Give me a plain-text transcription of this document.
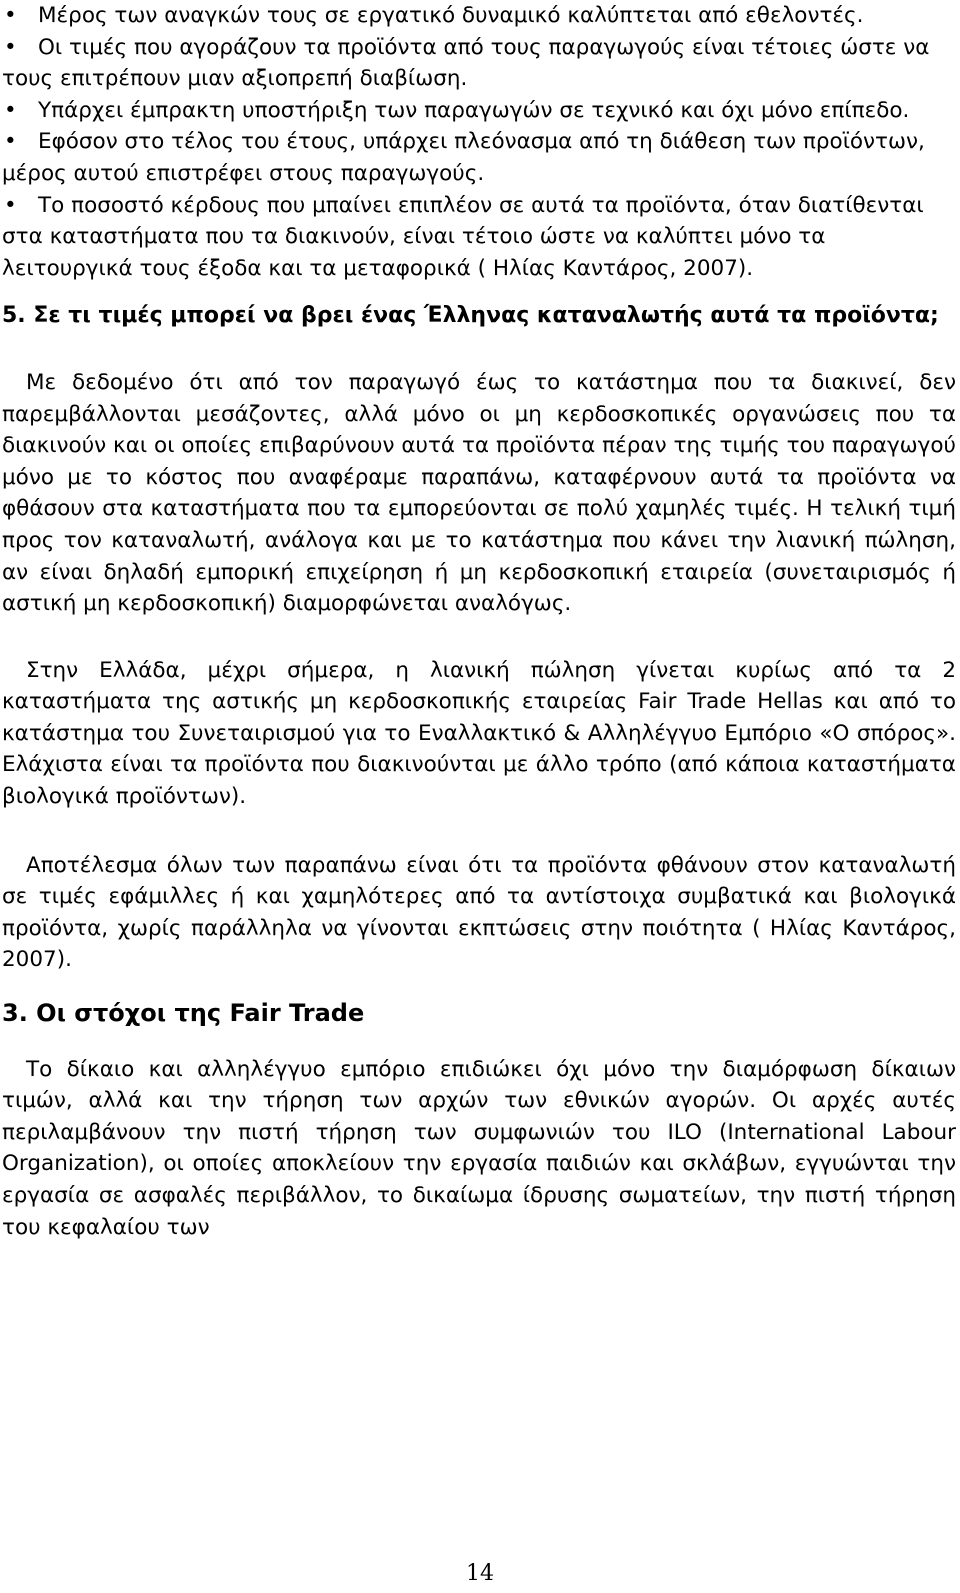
• Μέρος των αναγκών τους σε εργατικό δυναμικό καλύπτεται από εθελοντές.
• Οι τιμές που αγοράζουν τα προϊόντα από τους παραγωγούς είναι τέτοιες ώστε να τους επιτρέπουν μιαν αξιοπρεπή διαβίωση.
• Υπάρχει έμπρακτη υποστήριξη των παραγωγών σε τεχνικό και όχι μόνο επίπεδο.
• Εφόσον στο τέλος του έτους, υπάρχει πλεόνασμα από τη διάθεση των προϊόντων, μέρος αυτού επιστρέφει στους παραγωγούς.
• Το ποσοστό κέρδους που μπαίνει επιπλέον σε αυτά τα προϊόντα, όταν διατίθενται στα καταστήματα που τα διακινούν, είναι τέτοιο ώστε να καλύπτει μόνο τα λειτουργικά τους έξοδα και τα μεταφορικά ( Ηλίας Καντάρος, 2007).
5. Σε τι τιμές μπορεί να βρει ένας Έλληνας καταναλωτής αυτά τα προϊόντα;

Με δεδομένο ότι από τον παραγωγό έως το κατάστημα που τα διακινεί, δεν παρεμβάλλονται μεσάζοντες, αλλά μόνο οι μη κερδοσκοπικές οργανώσεις που τα διακινούν και οι οποίες επιβαρύνουν αυτά τα προϊόντα πέραν της τιμής του παραγωγού μόνο με το κόστος που αναφέραμε παραπάνω, καταφέρνουν αυτά τα προϊόντα να φθάσουν στα καταστήματα που τα εμπορεύονται σε πολύ χαμηλές τιμές. Η τελική τιμή προς τον καταναλωτή, ανάλογα και με το κατάστημα που κάνει την λιανική πώληση, αν είναι δηλαδή εμπορική επιχείρηση ή μη κερδοσκοπική εταιρεία (συνεταιρισμός ή αστική μη κερδοσκοπική) διαμορφώνεται αναλόγως.

Στην Ελλάδα, μέχρι σήμερα, η λιανική πώληση γίνεται κυρίως από τα 2 καταστήματα της αστικής μη κερδοσκοπικής εταιρείας Fair Trade Hellas και από το κατάστημα του Συνεταιρισμού για το Εναλλακτικό & Αλληλέγγυο Εμπόριο «Ο σπόρος». Ελάχιστα είναι τα προϊόντα που διακινούνται με άλλο τρόπο (από κάποια καταστήματα βιολογικά προϊόντων).

Αποτέλεσμα όλων των παραπάνω είναι ότι τα προϊόντα φθάνουν στον καταναλωτή σε τιμές εφάμιλλες ή και χαμηλότερες από τα αντίστοιχα συμβατικά και βιολογικά προϊόντα, χωρίς παράλληλα να γίνονται εκπτώσεις στην ποιότητα ( Ηλίας Καντάρος, 2007).

3. Οι στόχοι της Fair Trade

Το δίκαιο και αλληλέγγυο εμπόριο επιδιώκει όχι μόνο την διαμόρφωση δίκαιων τιμών, αλλά και την τήρηση των αρχών των εθνικών αγορών. Οι αρχές αυτές περιλαμβάνουν την πιστή τήρηση των συμφωνιών του ILO (International Labour Organization), οι οποίες αποκλείουν την εργασία παιδιών και σκλάβων, εγγυώνται την εργασία σε ασφαλές περιβάλλον, το δικαίωμα ίδρυσης σωματείων, την πιστή τήρηση του κεφαλαίου των

14
